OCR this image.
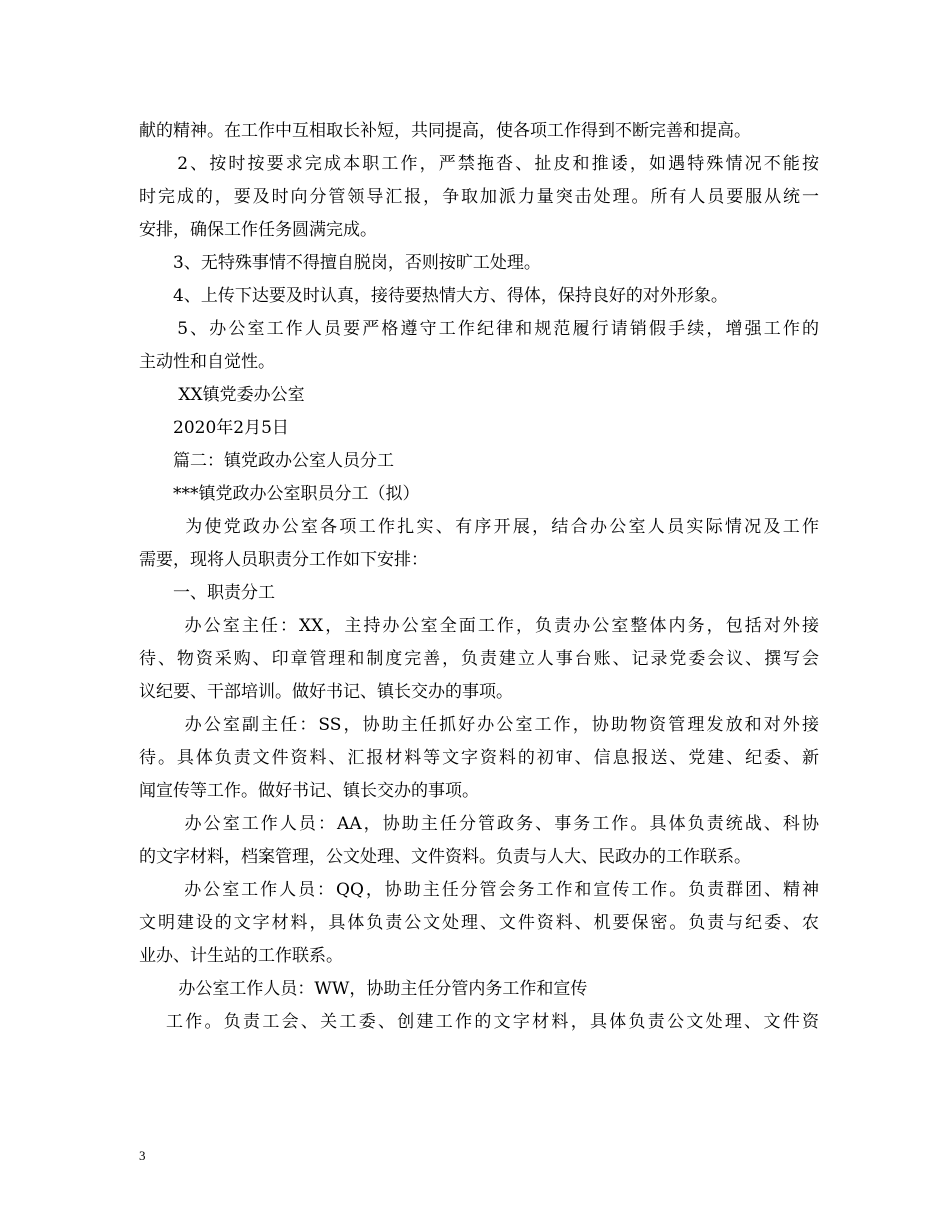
献的精神。在工作中互相取长补短，共同提高，使各项工作得到不断完善和提高。
　　2、按时按要求完成本职工作，严禁拖沓、扯皮和推诿，如遇特殊情况不能按
时完成的，要及时向分管领导汇报，争取加派力量突击处理。所有人员要服从统一
安排，确保工作任务圆满完成。
　　3、无特殊事情不得擅自脱岗，否则按旷工处理。
　　4、上传下达要及时认真，接待要热情大方、得体，保持良好的对外形象。
　　5、办公室工作人员要严格遵守工作纪律和规范履行请销假手续，增强工作的
主动性和自觉性。
　　 XX镇党委办公室
　　2020年2月5日
　　篇二：镇党政办公室人员分工
　　***镇党政办公室职员分工（拟）
　　 为使党政办公室各项工作扎实、有序开展，结合办公室人员实际情况及工作
需要，现将人员职责分工作如下安排：
　　一、职责分工
　　 办公室主任：XX，主持办公室全面工作，负责办公室整体内务，包括对外接
待、物资采购、印章管理和制度完善，负责建立人事台账、记录党委会议、撰写会
议纪要、干部培训。做好书记、镇长交办的事项。
　　 办公室副主任：SS，协助主任抓好办公室工作，协助物资管理发放和对外接
待。具体负责文件资料、汇报材料等文字资料的初审、信息报送、党建、纪委、新
闻宣传等工作。做好书记、镇长交办的事项。
　　 办公室工作人员：AA，协助主任分管政务、事务工作。具体负责统战、科协
的文字材料，档案管理，公文处理、文件资料。负责与人大、民政办的工作联系。
　　 办公室工作人员：QQ，协助主任分管会务工作和宣传工作。负责群团、精神
文明建设的文字材料，具体负责公文处理、文件资料、机要保密。负责与纪委、农
业办、计生站的工作联系。
　　 办公室工作人员：WW，协助主任分管内务工作和宣传
　 工作。负责工会、关工委、创建工作的文字材料，具体负责公文处理、文件资
3
